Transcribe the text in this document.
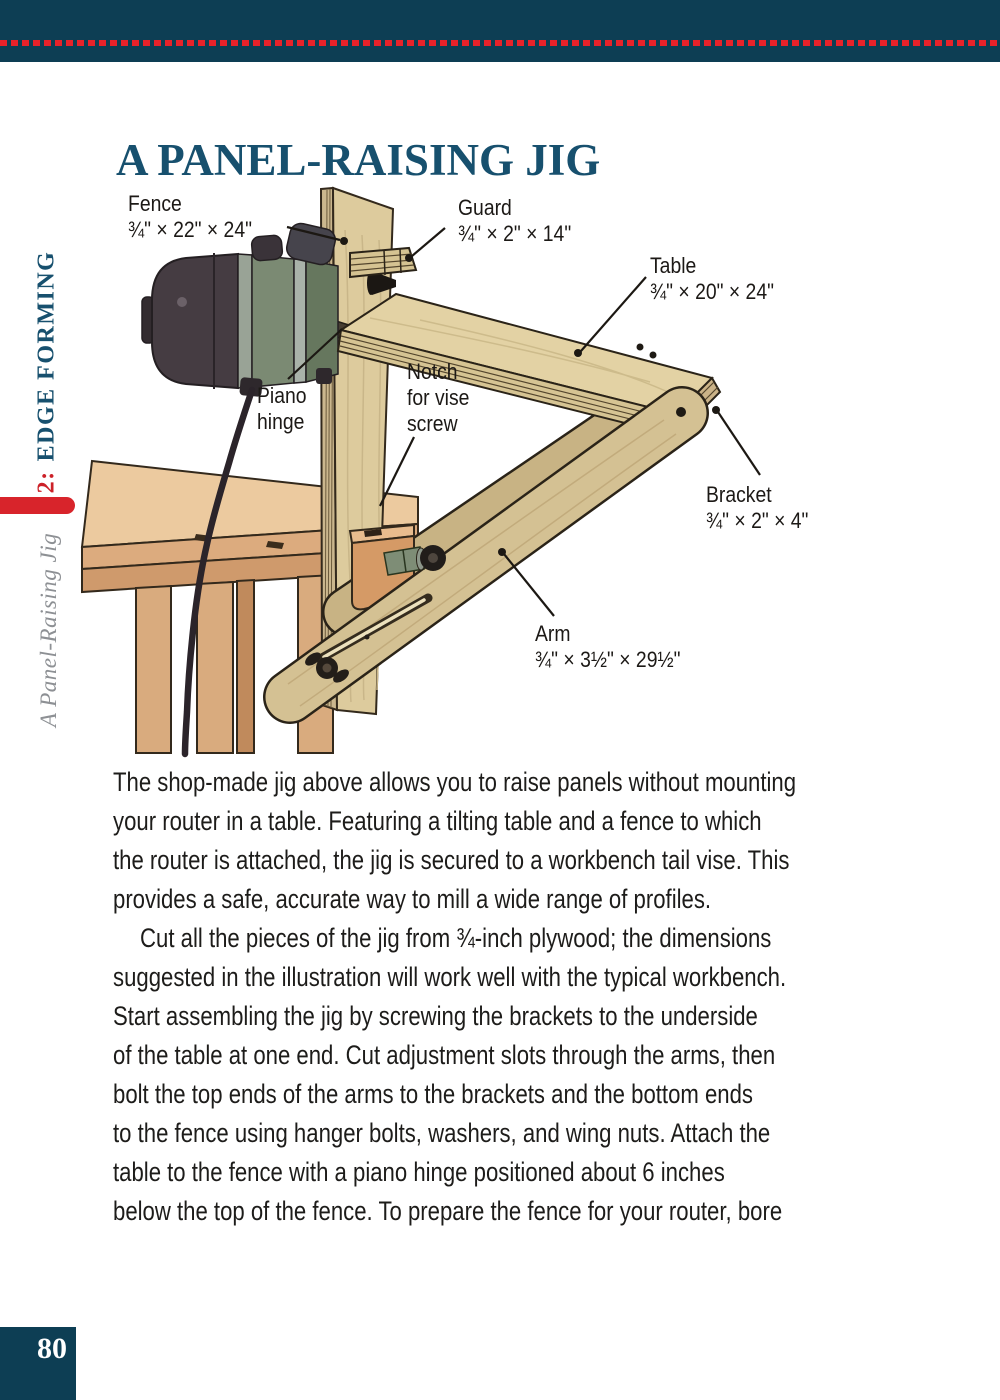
A PANEL-RAISING JIG
2:EDGE FORMING
A Panel-Raising Jig
Fence
¾" × 22" × 24"
Guard
¾" × 2" × 14"
Table
¾" × 20" × 24"
Piano
hinge
Notch
for vise
screw
Bracket
¾" × 2" × 4"
Arm
¾" × 3½" × 29½"
The shop-made jig above allows you to raise panels without mounting
your router in a table. Featuring a tilting table and a fence to which
the router is attached, the jig is secured to a workbench tail vise. This
provides a safe, accurate way to mill a wide range of profiles.
Cut all the pieces of the jig from ¾-inch plywood; the dimensions
suggested in the illustration will work well with the typical workbench.
Start assembling the jig by screwing the brackets to the underside
of the table at one end. Cut adjustment slots through the arms, then
bolt the top ends of the arms to the brackets and the bottom ends
to the fence using hanger bolts, washers, and wing nuts. Attach the
table to the fence with a piano hinge positioned about 6 inches
below the top of the fence. To prepare the fence for your router, bore
80
